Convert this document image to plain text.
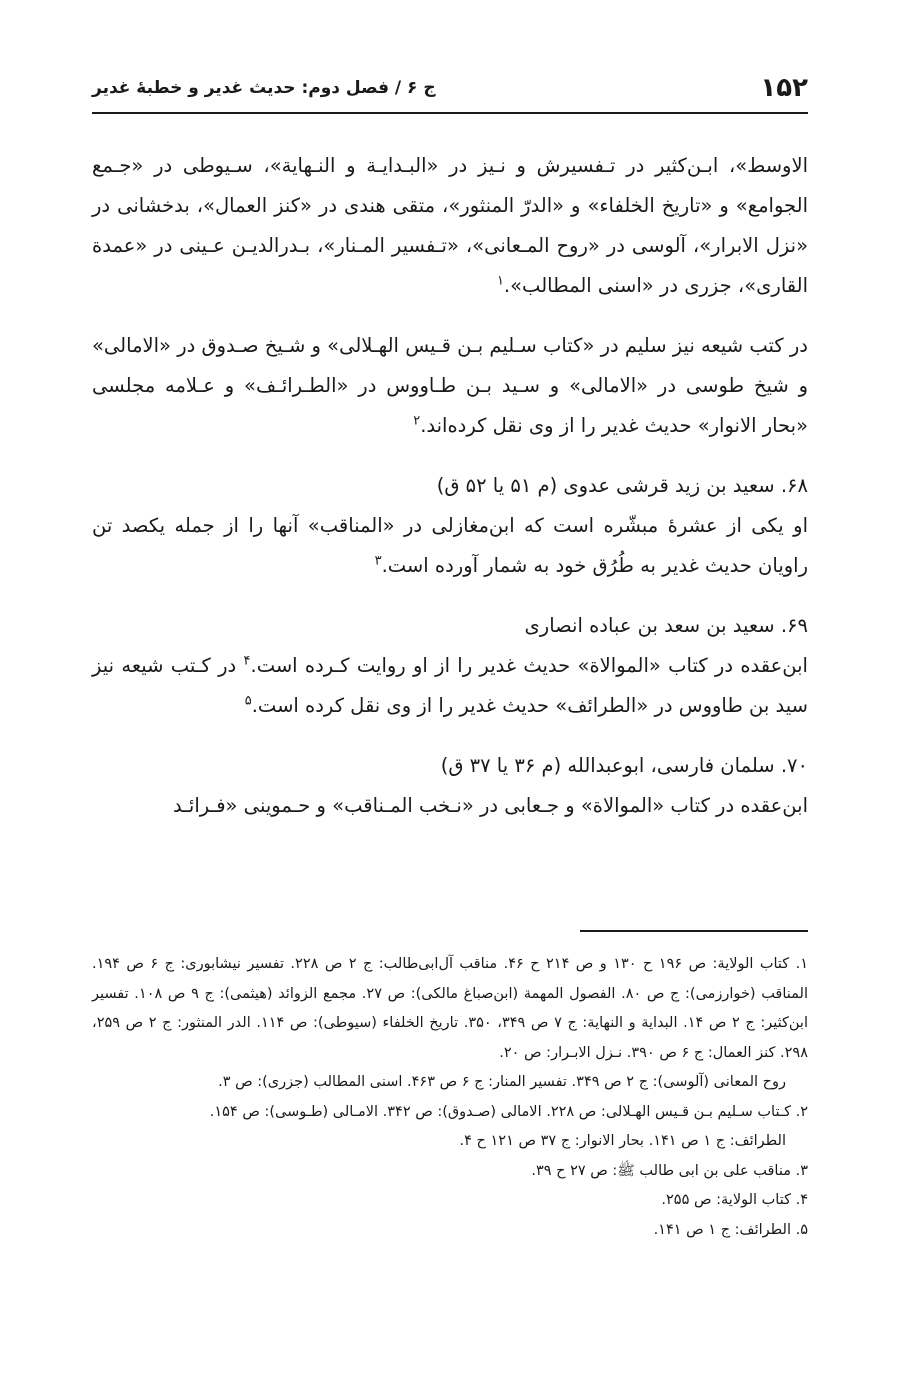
۱۵۲
ج ۶ / فصل دوم: حدیث غدیر و خطبهٔ غدیر

الاوسط»، ابـن‌کثیر در تـفسیرش و نـیز در «البـدایـة و النـهایة»، سـیوطی در «جـمع الجوامع» و «تاریخ الخلفاء» و «الدرّ المنثور»، متقی هندی در «کنز العمال»، بدخشانی در «نزل الابرار»، آلوسی در «روح المـعانی»، «تـفسیر المـنار»، بـدرالدیـن عـینی در «عمدة القاری»، جزری در «اسنی المطالب».$^۱$

در کتب شیعه نیز سلیم در «کتاب سـلیم بـن قـیس الهـلالی» و شـیخ صـدوق در «الامالی» و شیخ طوسی در «الامالی» و سـید بـن طـاووس در «الطـرائـف» و عـلامه مجلسی «بحار الانوار» حدیث غدیر را از وی نقل کرده‌اند.$^۲$

۶۸. سعید بن زید قرشی عدوی (م ۵۱ یا ۵۲ ق)

او یکی از عشرهٔ مبشّره است که ابن‌مغازلی در «المناقب» آنها را از جمله یکصد تن راویان حدیث غدیر به طُرُق خود به شمار آورده است.$^۳$

۶۹. سعید بن سعد بن عباده انصاری

ابن‌عقده در کتاب «الموالاة» حدیث غدیر را از او روایت کـرده است.$^۴$ در کـتب شیعه نیز سید بن طاووس در «الطرائف» حدیث غدیر را از وی نقل کرده است.$^۵$

۷۰. سلمان فارسی، ابوعبدالله (م ۳۶ یا ۳۷ ق)

ابن‌عقده در کتاب «الموالاة» و جـعابی در «نـخب المـناقب» و حـموینی «فـرائـد

۱. کتاب الولایة: ص ۱۹۶ ح ۱۳۰ و ص ۲۱۴ ح ۴۶. مناقب آل‌ابی‌طالب: ج ۲ ص ۲۲۸. تفسیر نیشابوری: ج ۶ ص ۱۹۴. المناقب (خوارزمی): ج ص ۸۰. الفصول المهمة (ابن‌صباغ مالکی): ص ۲۷. مجمع الزوائد (هیثمی): ج ۹ ص ۱۰۸. تفسیر ابن‌کثیر: ج ۲ ص ۱۴. البدایة و النهایة: ج ۷ ص ۳۴۹، ۳۵۰. تاریخ الخلفاء (سیوطی): ص ۱۱۴. الدر المنثور: ج ۲ ص ۲۵۹، ۲۹۸. کنز العمال: ج ۶ ص ۳۹۰. نـزل الابـرار: ص ۲۰.

روح المعانی (آلوسی): ج ۲ ص ۳۴۹. تفسیر المنار: ج ۶ ص ۴۶۳. اسنی المطالب (جزری): ص ۳.

۲. کـتاب سـلیم بـن قـیس الهـلالی: ص ۲۲۸. الامالی (صـدوق): ص ۳۴۲. الامـالی (طـوسی): ص ۱۵۴.

الطرائف: ج ۱ ص ۱۴۱. بحار الانوار: ج ۳۷ ص ۱۲۱ ح ۴.

۳. مناقب علی بن ابی طالب ﷺ: ص ۲۷ ح ۳۹.

۴. کتاب الولایة: ص ۲۵۵.

۵. الطرائف: ج ۱ ص ۱۴۱.
